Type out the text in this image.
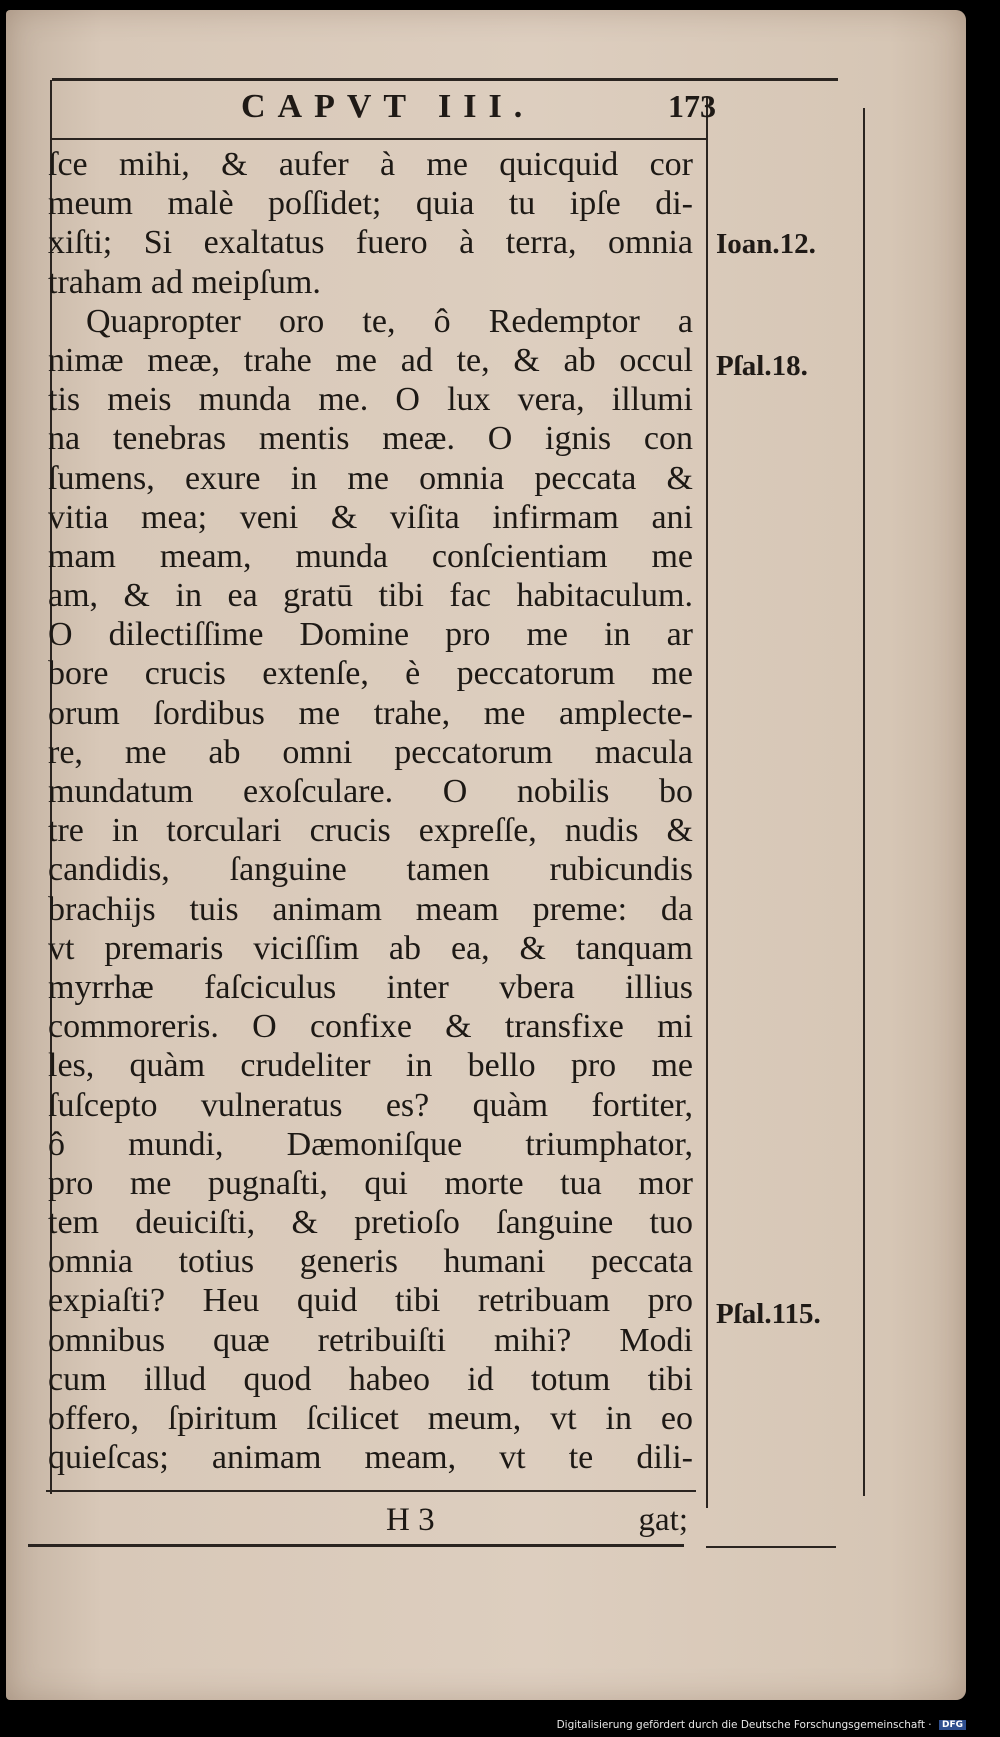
CAPVT III.	173
ſce mihi, & aufer à me quicquid cor
meum malè poſſidet; quia tu ipſe di-
xiſti; Si exaltatus fuero à terra, omnia
traham ad meipſum.
Quapropter oro te, ô Redemptor a
nimæ meæ, trahe me ad te, & ab occul
tis meis munda me. O lux vera, illumi
na tenebras mentis meæ. O ignis con
ſumens, exure in me omnia peccata &
vitia mea; veni & viſita infirmam ani
mam meam, munda conſcientiam me
am, & in ea gratū tibi fac habitaculum.
O dilectiſſime Domine pro me in ar
bore crucis extenſe, è peccatorum me
orum ſordibus me trahe, me amplecte-
re, me ab omni peccatorum macula
mundatum exoſculare. O nobilis bo
tre in torculari crucis expreſſe, nudis &
candidis, ſanguine tamen rubicundis
brachijs tuis animam meam preme: da
vt premaris viciſſim ab ea, & tanquam
myrrhæ faſciculus inter vbera illius
commoreris. O confixe & transfixe mi
les, quàm crudeliter in bello pro me
ſuſcepto vulneratus es? quàm fortiter,
ô mundi, Dæmoniſque triumphator,
pro me pugnaſti, qui morte tua mor
tem deuiciſti, & pretioſo ſanguine tuo
omnia totius generis humani peccata
expiaſti? Heu quid tibi retribuam pro
omnibus quæ retribuiſti mihi? Modi
cum illud quod habeo id totum tibi
offero, ſpiritum ſcilicet meum, vt in eo
quieſcas; animam meam, vt te dili-
Ioan.12.
Pſal.18.
Pſal.115.
H 3	gat;
Digitalisierung gefördert durch die Deutsche Forschungsgemeinschaft · DFG
